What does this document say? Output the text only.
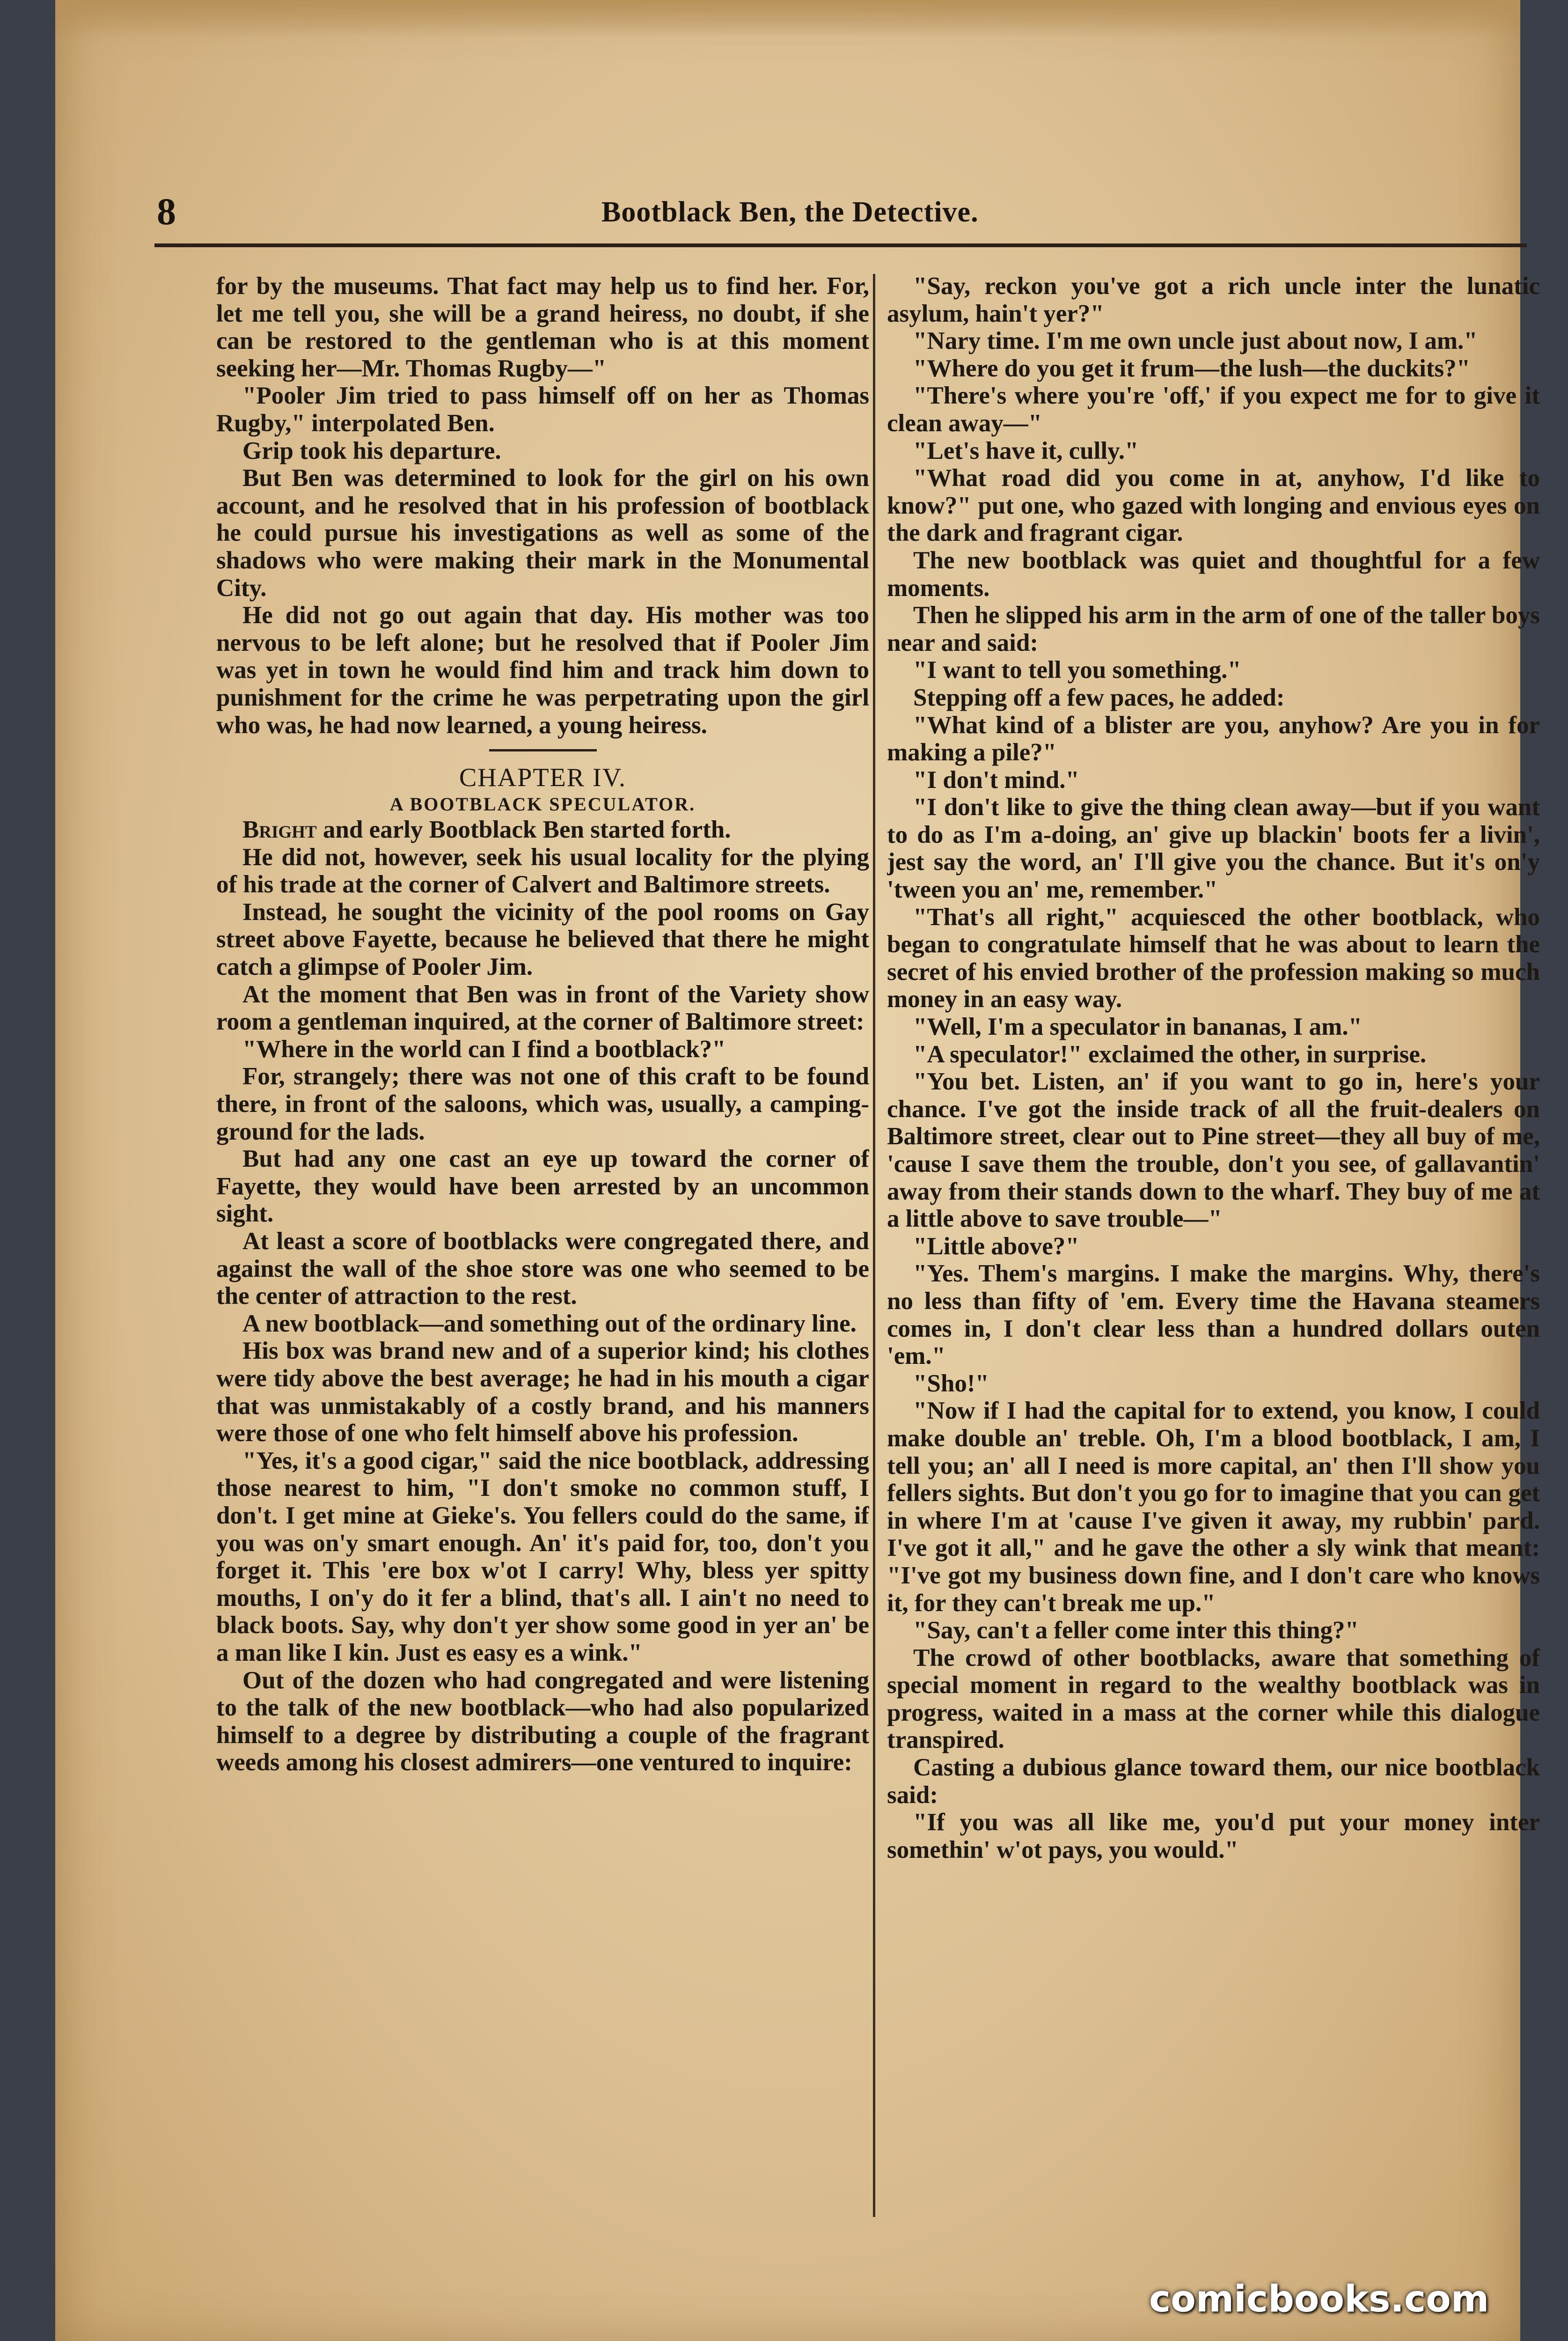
8	Bootblack Ben, the Detective.

for by the museums. That fact may help us to find her. For, let me tell you, she will be a grand heiress, no doubt, if she can be restored to the gentleman who is at this moment seeking her—Mr. Thomas Rugby—"

"Pooler Jim tried to pass himself off on her as Thomas Rugby," interpolated Ben.

Grip took his departure.

But Ben was determined to look for the girl on his own account, and he resolved that in his profession of bootblack he could pursue his investigations as well as some of the shadows who were making their mark in the Monumental City.

He did not go out again that day. His mother was too nervous to be left alone; but he resolved that if Pooler Jim was yet in town he would find him and track him down to punishment for the crime he was perpetrating upon the girl who was, he had now learned, a young heiress.

CHAPTER IV.

A BOOTBLACK SPECULATOR.

Bright and early Bootblack Ben started forth.

He did not, however, seek his usual locality for the plying of his trade at the corner of Calvert and Baltimore streets.

Instead, he sought the vicinity of the pool rooms on Gay street above Fayette, because he believed that there he might catch a glimpse of Pooler Jim.

At the moment that Ben was in front of the Variety show room a gentleman inquired, at the corner of Baltimore street:

"Where in the world can I find a bootblack?"

For, strangely; there was not one of this craft to be found there, in front of the saloons, which was, usually, a camping-ground for the lads.

But had any one cast an eye up toward the corner of Fayette, they would have been arrested by an uncommon sight.

At least a score of bootblacks were congregated there, and against the wall of the shoe store was one who seemed to be the center of attraction to the rest.

A new bootblack—and something out of the ordinary line.

His box was brand new and of a superior kind; his clothes were tidy above the best average; he had in his mouth a cigar that was unmistakably of a costly brand, and his manners were those of one who felt himself above his profession.

"Yes, it's a good cigar," said the nice bootblack, addressing those nearest to him, "I don't smoke no common stuff, I don't. I get mine at Gieke's. You fellers could do the same, if you was on'y smart enough. An' it's paid for, too, don't you forget it. This 'ere box w'ot I carry! Why, bless yer spitty mouths, I on'y do it fer a blind, that's all. I ain't no need to black boots. Say, why don't yer show some good in yer an' be a man like I kin. Just es easy es a wink."

Out of the dozen who had congregated and were listening to the talk of the new bootblack—who had also popularized himself to a degree by distributing a couple of the fragrant weeds among his closest admirers—one ventured to inquire:

"Say, reckon you've got a rich uncle inter the lunatic asylum, hain't yer?"

"Nary time. I'm me own uncle just about now, I am."

"Where do you get it frum—the lush—the duckits?"

"There's where you're 'off,' if you expect me for to give it clean away—"

"Let's have it, cully."

"What road did you come in at, anyhow, I'd like to know?" put one, who gazed with longing and envious eyes on the dark and fragrant cigar.

The new bootblack was quiet and thoughtful for a few moments.

Then he slipped his arm in the arm of one of the taller boys near and said:

"I want to tell you something."

Stepping off a few paces, he added:

"What kind of a blister are you, anyhow? Are you in for making a pile?"

"I don't mind."

"I don't like to give the thing clean away—but if you want to do as I'm a-doing, an' give up blackin' boots fer a livin', jest say the word, an' I'll give you the chance. But it's on'y 'tween you an' me, remember."

"That's all right," acquiesced the other bootblack, who began to congratulate himself that he was about to learn the secret of his envied brother of the profession making so much money in an easy way.

"Well, I'm a speculator in bananas, I am."

"A speculator!" exclaimed the other, in surprise.

"You bet. Listen, an' if you want to go in, here's your chance. I've got the inside track of all the fruit-dealers on Baltimore street, clear out to Pine street—they all buy of me, 'cause I save them the trouble, don't you see, of gallavantin' away from their stands down to the wharf. They buy of me at a little above to save trouble—"

"Little above?"

"Yes. Them's margins. I make the margins. Why, there's no less than fifty of 'em. Every time the Havana steamers comes in, I don't clear less than a hundred dollars outen 'em."

"Sho!"

"Now if I had the capital for to extend, you know, I could make double an' treble. Oh, I'm a blood bootblack, I am, I tell you; an' all I need is more capital, an' then I'll show you fellers sights. But don't you go for to imagine that you can get in where I'm at 'cause I've given it away, my rubbin' pard. I've got it all," and he gave the other a sly wink that meant: "I've got my business down fine, and I don't care who knows it, for they can't break me up."

"Say, can't a feller come inter this thing?"

The crowd of other bootblacks, aware that something of special moment in regard to the wealthy bootblack was in progress, waited in a mass at the corner while this dialogue transpired.

Casting a dubious glance toward them, our nice bootblack said:

"If you was all like me, you'd put your money inter somethin' w'ot pays, you would."

comicbooks.com
